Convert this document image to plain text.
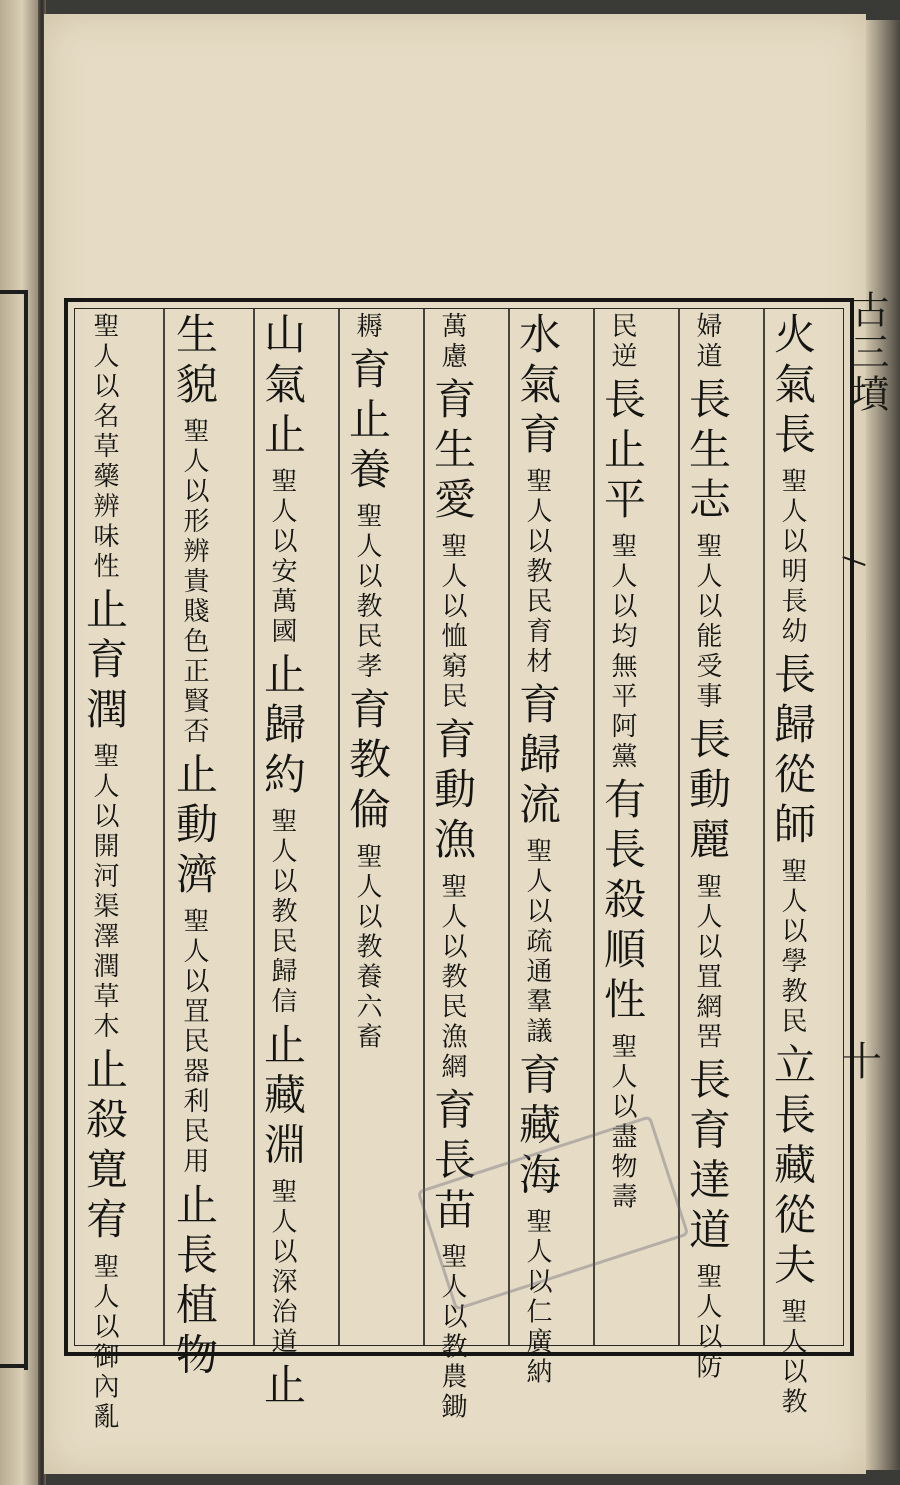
古三墳
十
火氣長 聖人以明長幼 長歸從師 聖人以學教民 立長藏從夫 聖人以教
婦道 長生志 聖人以能受事 長動麗 聖人以罝網罟 長育達道 聖人以防
民逆 長止平 聖人以均無平阿黨 有長殺順性 聖人以盡物壽
水氣育 聖人以教民育材 育歸流 聖人以疏通羣議 育藏海 聖人以仁廣納
萬慮 育生愛 聖人以恤窮民 育動漁 聖人以教民漁網 育長苗 聖人以教農鋤
耨 育止養 聖人以教民孝 育教倫 聖人以教養六畜
山氣止 聖人以安萬國 止歸約 聖人以教民歸信 止藏淵 聖人以深治道 止
生貌 聖人以形辨貴賤色正賢否 止動濟 聖人以罝民器利民用 止長植物
聖人以名草藥辨味性 止育潤 聖人以開河渠澤潤草木 止殺寛宥 聖人以御內亂
